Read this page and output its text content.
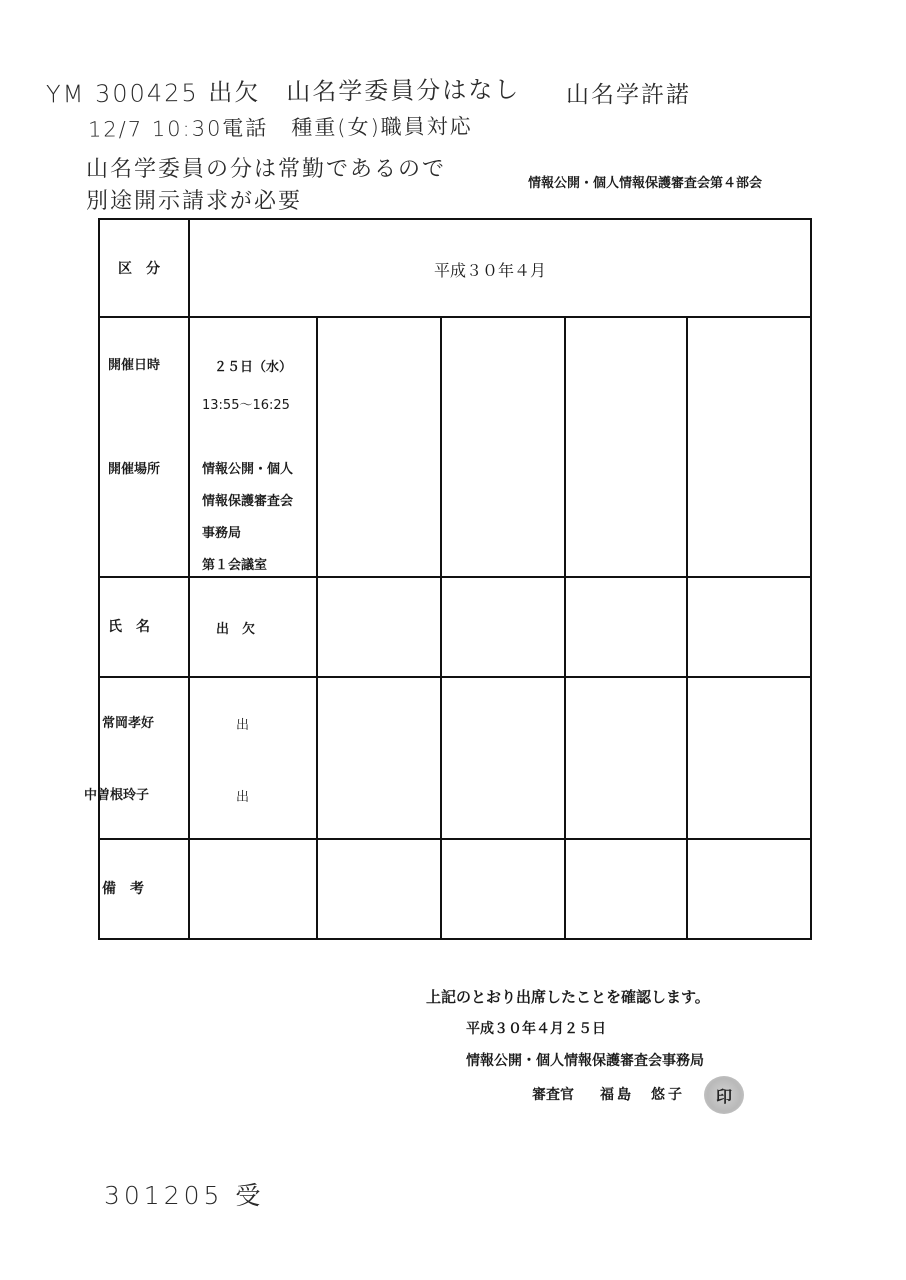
YM 300425 出欠　山名学委員分はなし 山名学許諾
12/7 10:30電話　種重(女)職員対応
山名学委員の分は常勤であるので
別途開示請求が必要
情報公開・個人情報保護審査会第４部会
区　分	平成３０年４月
開催日時	２５日（水）
13:55〜16:25
開催場所	情報公開・個人
情報保護審査会
事務局
第１会議室
氏　名	出　欠
常岡孝好	出
中曽根玲子	出
備　考
上記のとおり出席したことを確認します。
平成３０年４月２５日
情報公開・個人情報保護審査会事務局
審査官 福島　悠子 印
301205 受
